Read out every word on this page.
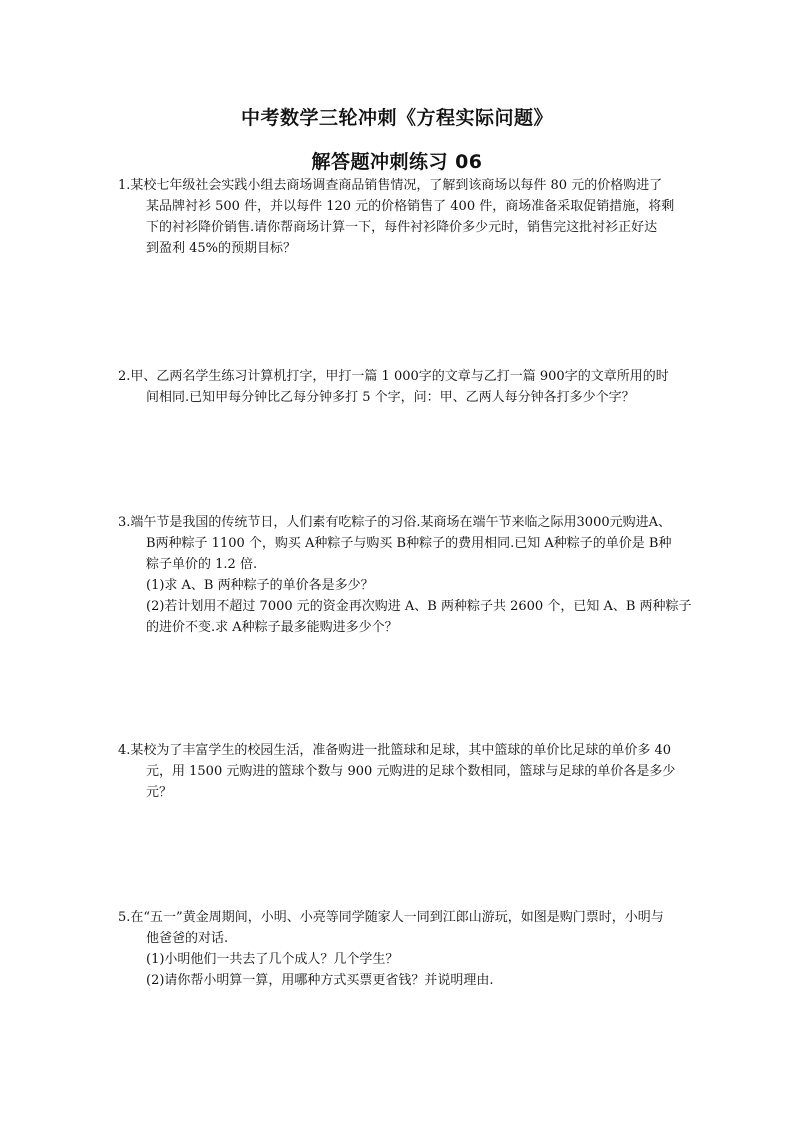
中考数学三轮冲刺《方程实际问题》
解答题冲刺练习 06
1.某校七年级社会实践小组去商场调查商品销售情况，了解到该商场以每件 80 元的价格购进了
某品牌衬衫 500 件，并以每件 120 元的价格销售了 400 件，商场准备采取促销措施，将剩
下的衬衫降价销售.请你帮商场计算一下，每件衬衫降价多少元时，销售完这批衬衫正好达
到盈利 45%的预期目标？
2.甲、乙两名学生练习计算机打字，甲打一篇 1 000字的文章与乙打一篇 900字的文章所用的时
间相同.已知甲每分钟比乙每分钟多打 5 个字，问：甲、乙两人每分钟各打多少个字？
3.端午节是我国的传统节日，人们素有吃粽子的习俗.某商场在端午节来临之际用3000元购进A、
B两种粽子 1100 个，购买 A种粽子与购买 B种粽子的费用相同.已知 A种粽子的单价是 B种
粽子单价的 1.2 倍.
(1)求 A、B 两种粽子的单价各是多少？
(2)若计划用不超过 7000 元的资金再次购进 A、B 两种粽子共 2600 个，已知 A、B 两种粽子
的进价不变.求 A种粽子最多能购进多少个？
4.某校为了丰富学生的校园生活，准备购进一批篮球和足球，其中篮球的单价比足球的单价多 40
元，用 1500 元购进的篮球个数与 900 元购进的足球个数相同，篮球与足球的单价各是多少
元？
5.在“五一”黄金周期间，小明、小亮等同学随家人一同到江郎山游玩，如图是购门票时，小明与
他爸爸的对话.
(1)小明他们一共去了几个成人？几个学生？
(2)请你帮小明算一算，用哪种方式买票更省钱？并说明理由.
